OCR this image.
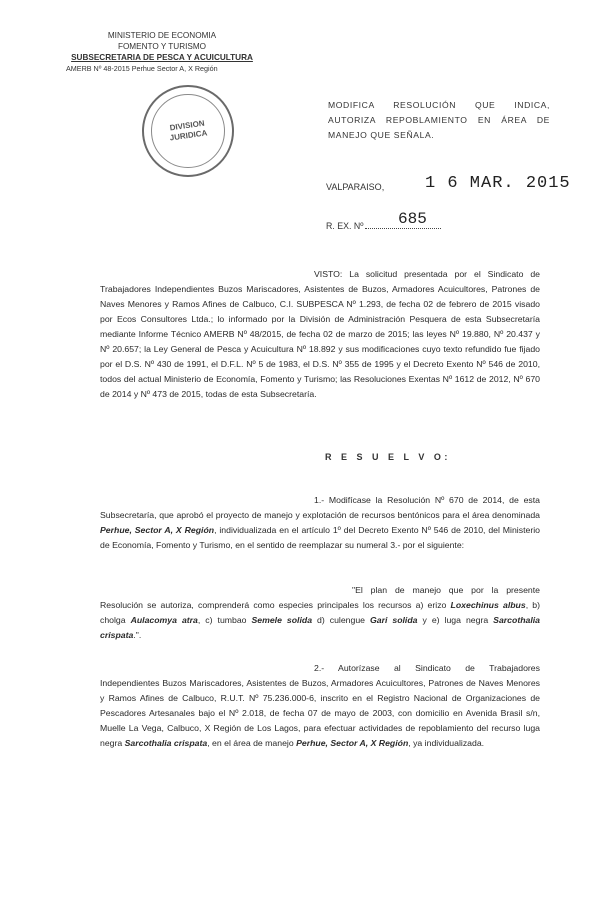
MINISTERIO DE ECONOMIA
FOMENTO Y TURISMO
SUBSECRETARIA DE PESCA Y ACUICULTURA
AMERB Nº 48-2015 Perhue Sector A, X Región
DIVISION
JURIDICA
MODIFICA RESOLUCIÓN QUE INDICA, AUTORIZA REPOBLAMIENTO EN ÁREA DE MANEJO QUE SEÑALA.
VALPARAISO, 1 6 MAR. 2015
R. EX. Nº	685
VISTO: La solicitud presentada por el Sindicato de Trabajadores Independientes Buzos Mariscadores, Asistentes de Buzos, Armadores Acuicultores, Patrones de Naves Menores y Ramos Afines de Calbuco, C.I. SUBPESCA Nº 1.293, de fecha 02 de febrero de 2015 visado por Ecos Consultores Ltda.; lo informado por la División de Administración Pesquera de esta Subsecretaría mediante Informe Técnico AMERB Nº 48/2015, de fecha 02 de marzo de 2015; las leyes Nº 19.880, Nº 20.437 y Nº 20.657; la Ley General de Pesca y Acuicultura Nº 18.892 y sus modificaciones cuyo texto refundido fue fijado por el D.S. Nº 430 de 1991, el D.F.L. Nº 5 de 1983, el D.S. Nº 355 de 1995 y el Decreto Exento Nº 546 de 2010, todos del actual Ministerio de Economía, Fomento y Turismo; las Resoluciones Exentas Nº 1612 de 2012, Nº 670 de 2014 y Nº 473 de 2015, todas de esta Subsecretaría.
R E S U E L V O:
1.- Modifícase la Resolución Nº 670 de 2014, de esta Subsecretaría, que aprobó el proyecto de manejo y explotación de recursos bentónicos para el área denominada Perhue, Sector A, X Región, individualizada en el artículo 1º del Decreto Exento Nº 546 de 2010, del Ministerio de Economía, Fomento y Turismo, en el sentido de reemplazar su numeral 3.- por el siguiente:
"El plan de manejo que por la presente Resolución se autoriza, comprenderá como especies principales los recursos a) erizo Loxechinus albus, b) cholga Aulacomya atra, c) tumbao Semele solida d) culengue Gari solida y e) luga negra Sarcothalia crispata.".
2.- Autorízase al Sindicato de Trabajadores Independientes Buzos Mariscadores, Asistentes de Buzos, Armadores Acuicultores, Patrones de Naves Menores y Ramos Afines de Calbuco, R.U.T. Nº 75.236.000-6, inscrito en el Registro Nacional de Organizaciones de Pescadores Artesanales bajo el Nº 2.018, de fecha 07 de mayo de 2003, con domicilio en Avenida Brasil s/n, Muelle La Vega, Calbuco, X Región de Los Lagos, para efectuar actividades de repoblamiento del recurso luga negra Sarcothalia crispata, en el área de manejo Perhue, Sector A, X Región, ya individualizada.
